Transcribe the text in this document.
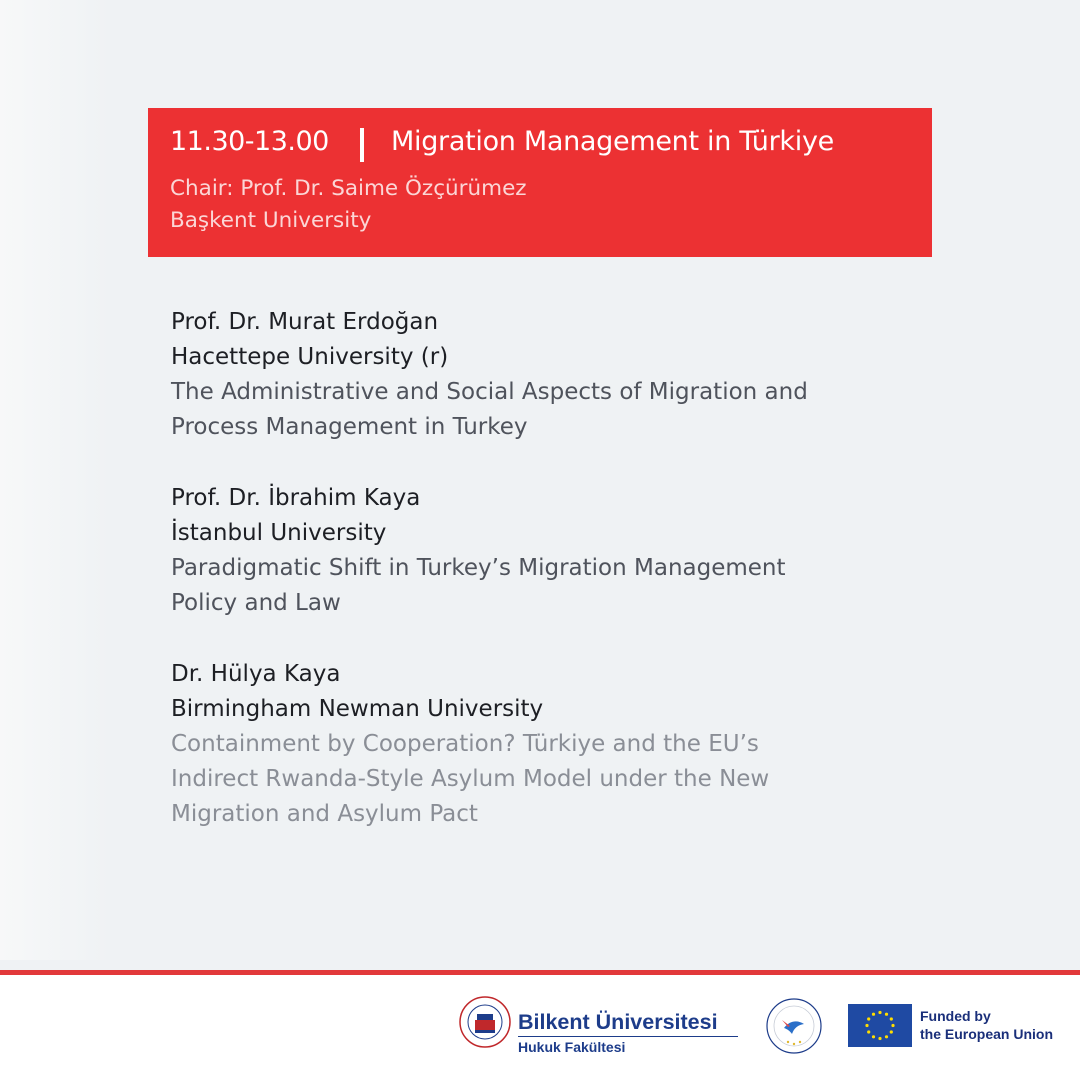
11.30-13.00 Migration Management in Türkiye
Chair: Prof. Dr. Saime Özçürümez
Başkent University
Prof. Dr. Murat Erdoğan
Hacettepe University (r)
The Administrative and Social Aspects of Migration and
Process Management in Turkey
Prof. Dr. İbrahim Kaya
İstanbul University
Paradigmatic Shift in Turkey’s Migration Management
Policy and Law
Dr. Hülya Kaya
Birmingham Newman University
Containment by Cooperation? Türkiye and the EU’s
Indirect Rwanda-Style Asylum Model under the New
Migration and Asylum Pact
Bilkent Üniversitesi
Hukuk Fakültesi
Funded by
the European Union
